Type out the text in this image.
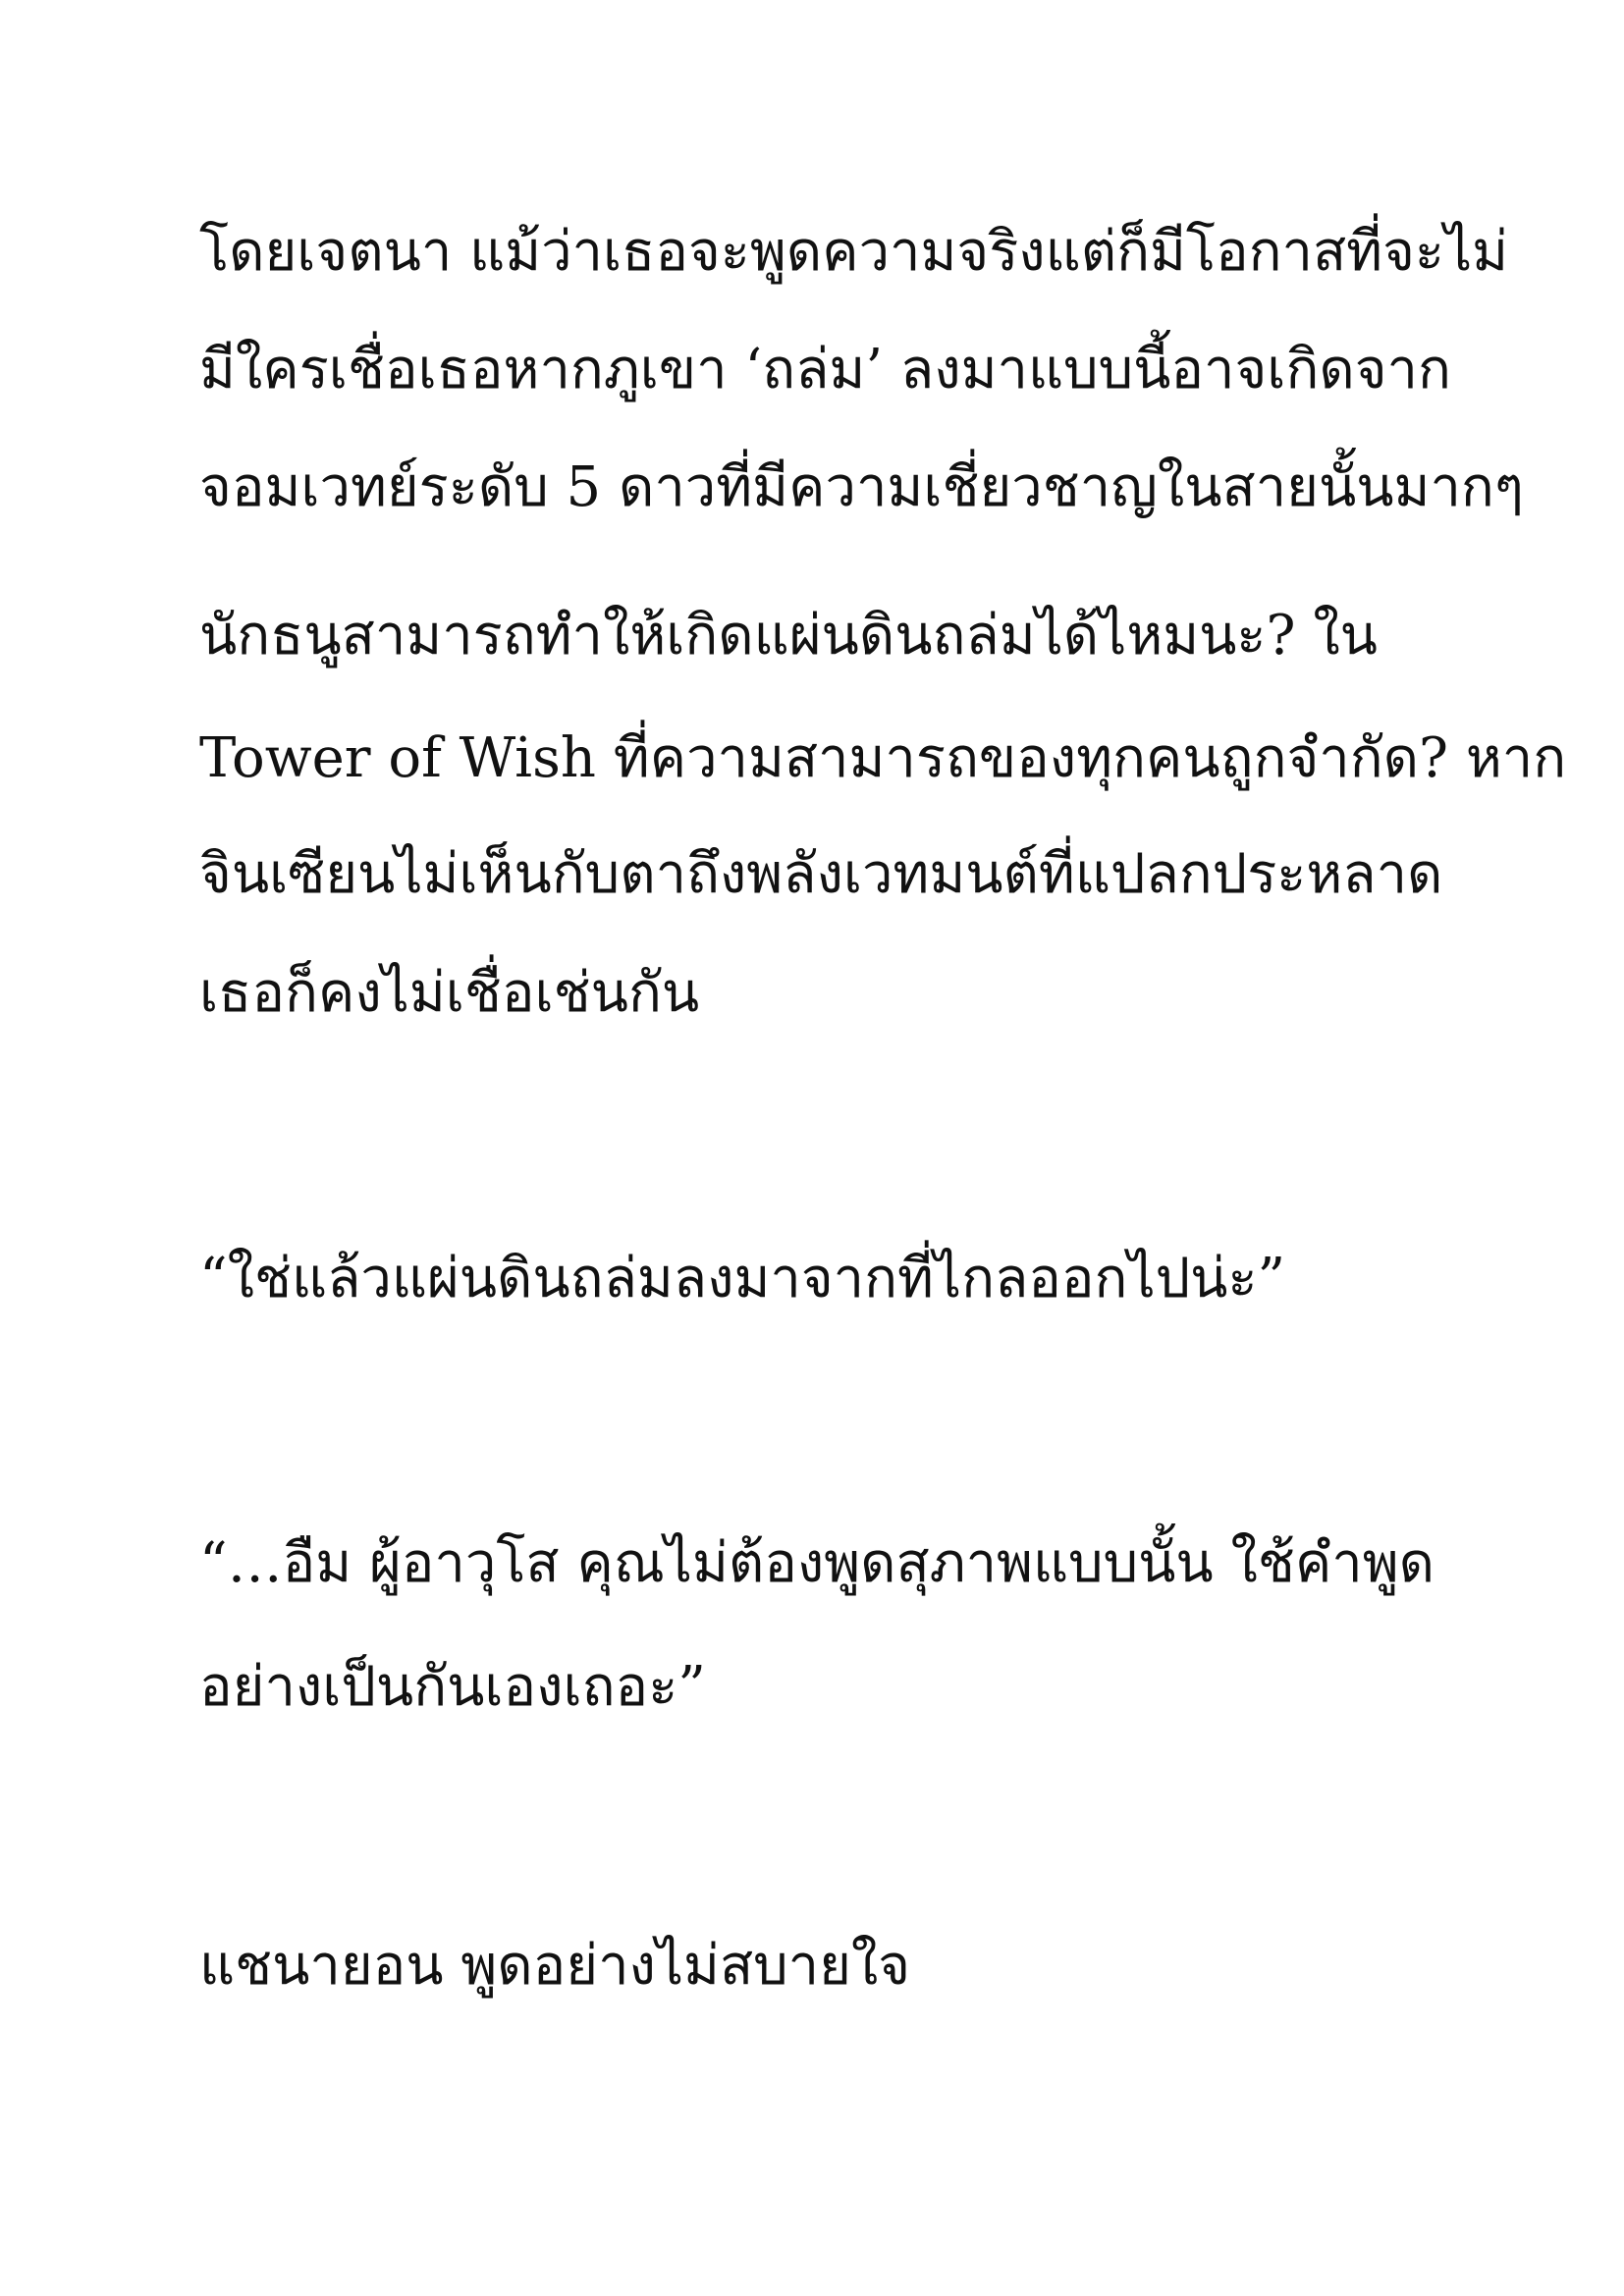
โดยเจตนา แม้ว่าเธอจะพูดความจริงแต่ก็มีโอกาสที่จะไม่
มีใครเชื่อเธอหากภูเขา ‘ถล่ม’ ลงมาแบบนี้อาจเกิดจาก
จอมเวทย์ระดับ 5 ดาวที่มีความเชี่ยวชาญในสายนั้นมากๆ
นักธนูสามารถทำให้เกิดแผ่นดินถล่มได้ไหมนะ? ใน
Tower of Wish ที่ความสามารถของทุกคนถูกจำกัด? หาก
จินเซียนไม่เห็นกับตาถึงพลังเวทมนต์ที่แปลกประหลาด
เธอก็คงไม่เชื่อเช่นกัน
“ใช่แล้วแผ่นดินถล่มลงมาจากที่ไกลออกไปน่ะ”
“…อืม ผู้อาวุโส คุณไม่ต้องพูดสุภาพแบบนั้น ใช้คำพูด
อย่างเป็นกันเองเถอะ”
แชนายอน พูดอย่างไม่สบายใจ
